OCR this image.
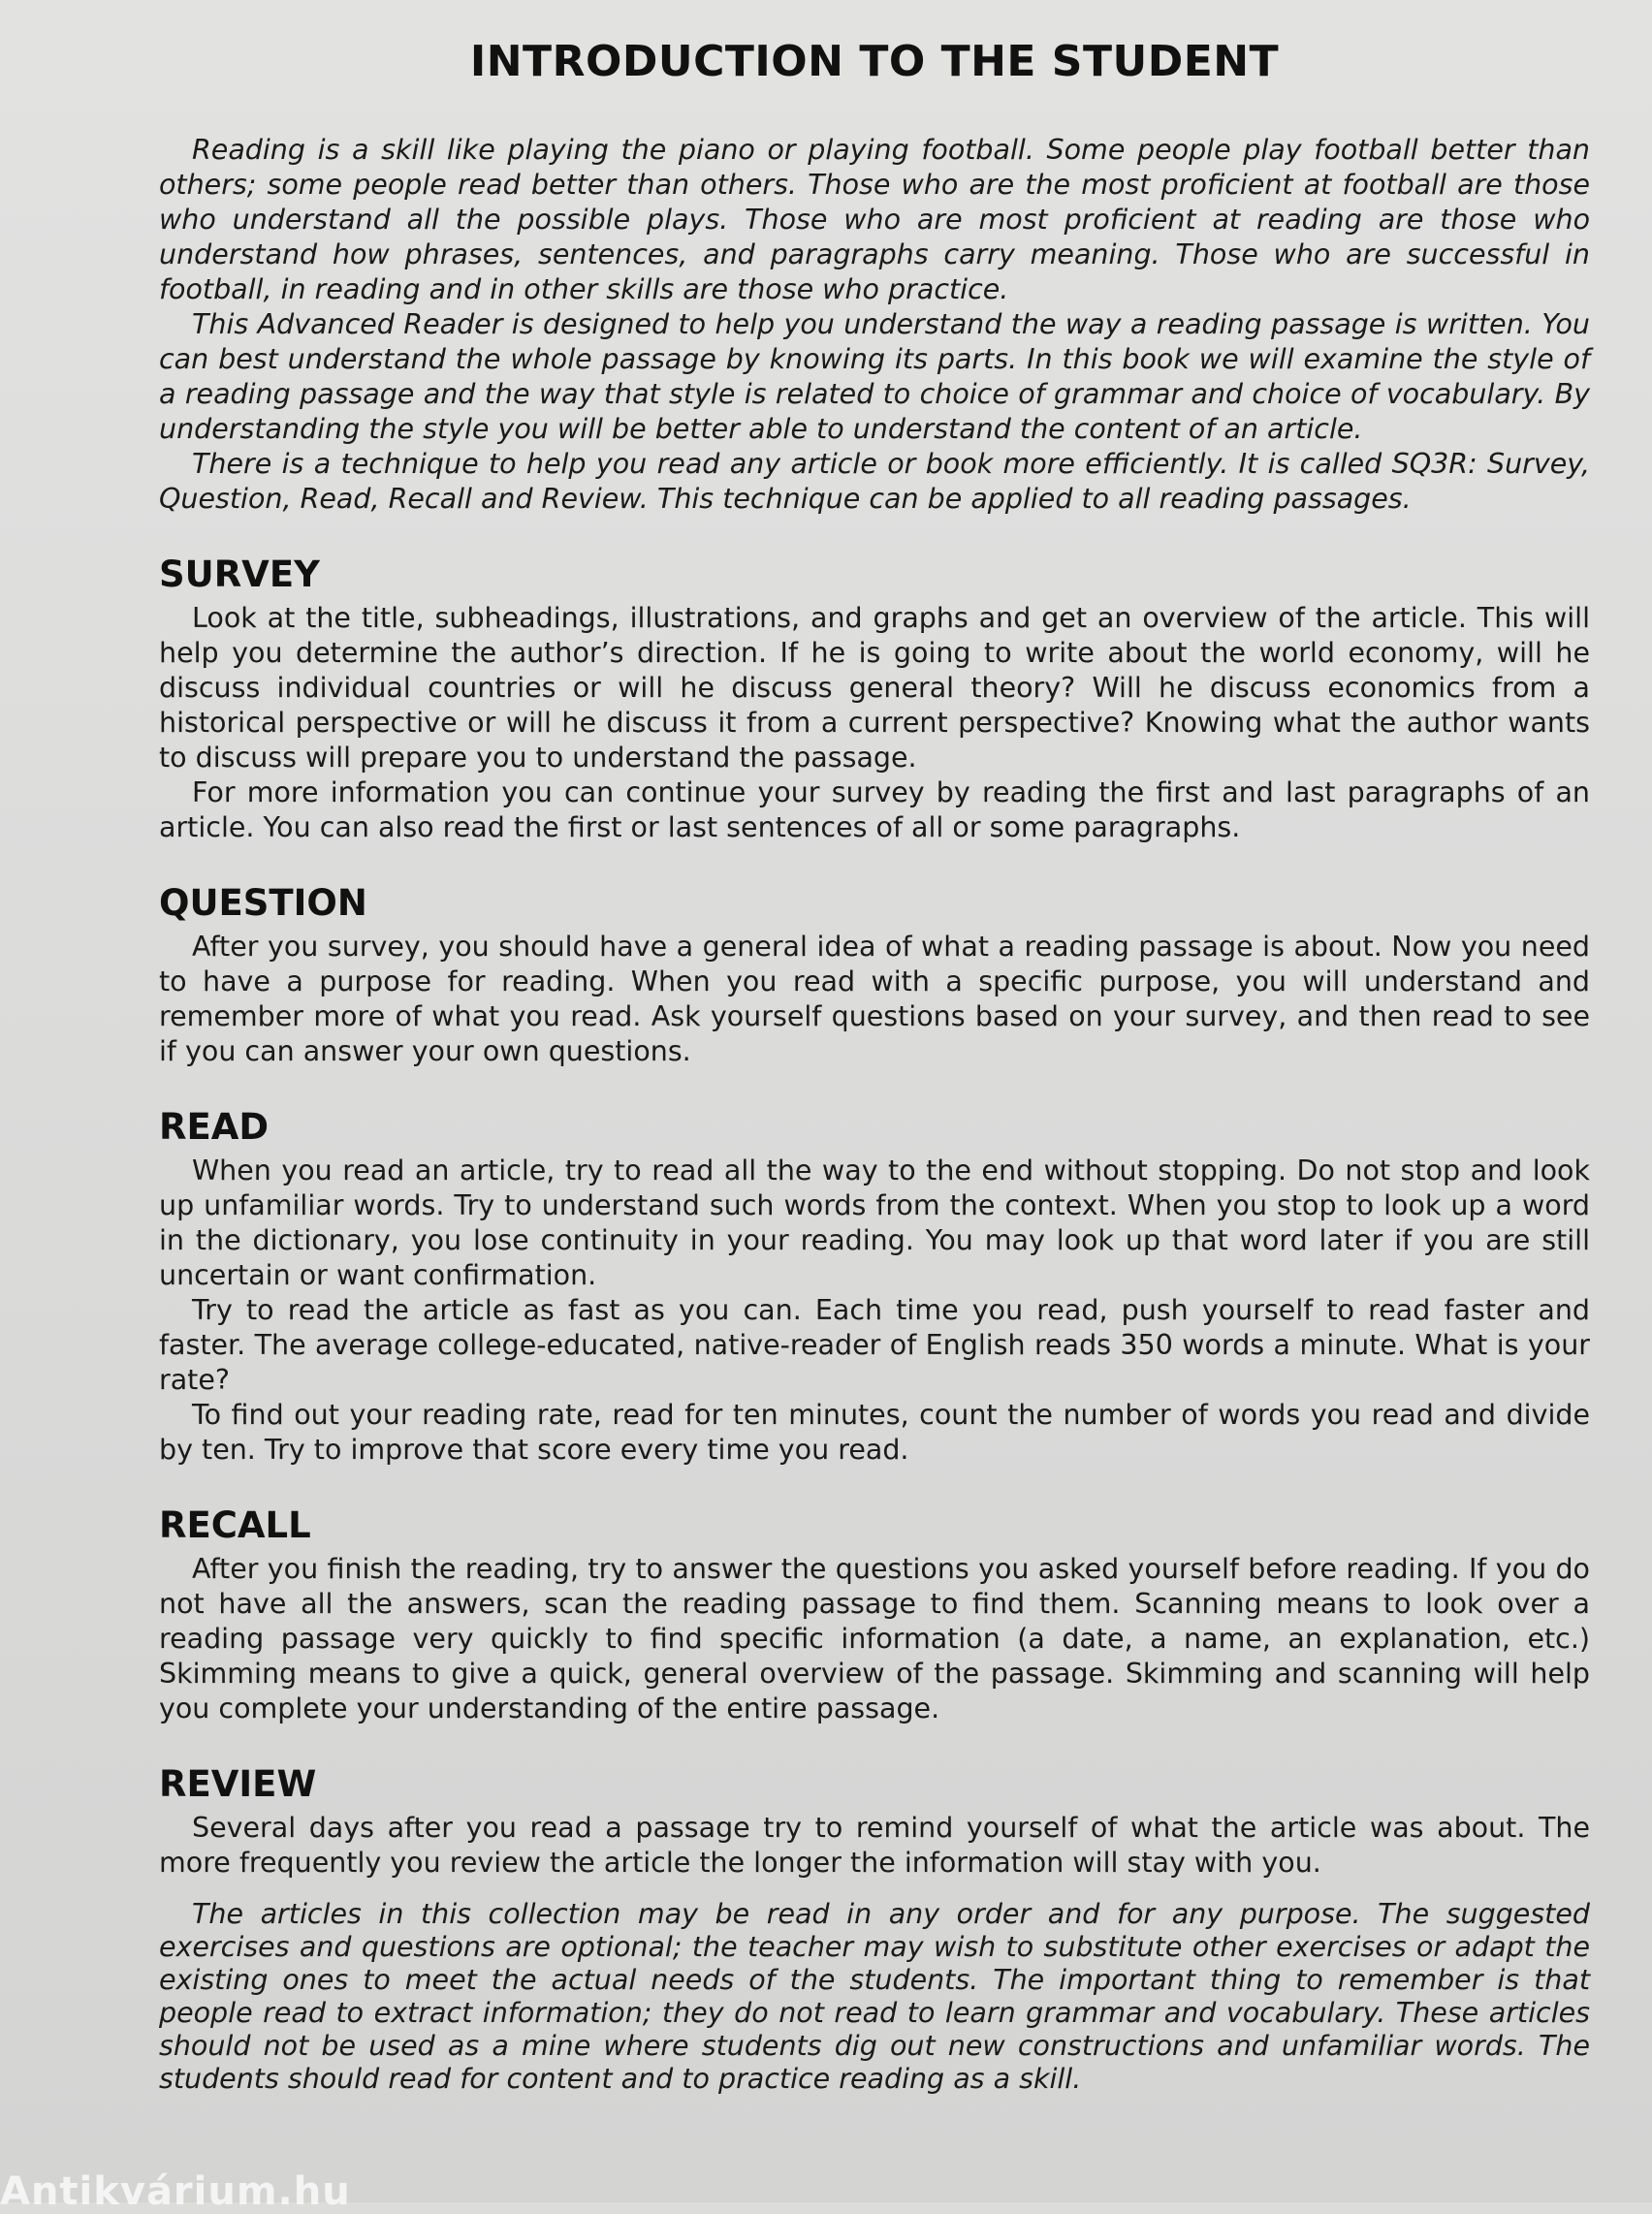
INTRODUCTION TO THE STUDENT

Reading is a skill like playing the piano or playing football. Some people play football better than others; some people read better than others. Those who are the most proficient at football are those who understand all the possible plays. Those who are most proficient at reading are those who understand how phrases, sentences, and paragraphs carry meaning. Those who are successful in football, in reading and in other skills are those who practice.

This Advanced Reader is designed to help you understand the way a reading passage is written. You can best understand the whole passage by knowing its parts. In this book we will examine the style of a reading passage and the way that style is related to choice of grammar and choice of vocabulary. By understanding the style you will be better able to understand the content of an article.

There is a technique to help you read any article or book more efficiently. It is called SQ3R: Survey, Question, Read, Recall and Review. This technique can be applied to all reading passages.

SURVEY

Look at the title, subheadings, illustrations, and graphs and get an overview of the article. This will help you determine the author’s direction. If he is going to write about the world economy, will he discuss individual countries or will he discuss general theory? Will he discuss economics from a historical perspective or will he discuss it from a current perspective? Knowing what the author wants to discuss will prepare you to understand the passage.

For more information you can continue your survey by reading the first and last paragraphs of an article. You can also read the first or last sentences of all or some paragraphs.

QUESTION

After you survey, you should have a general idea of what a reading passage is about. Now you need to have a purpose for reading. When you read with a specific purpose, you will understand and remember more of what you read. Ask yourself questions based on your survey, and then read to see if you can answer your own questions.

READ

When you read an article, try to read all the way to the end without stopping. Do not stop and look up unfamiliar words. Try to understand such words from the context. When you stop to look up a word in the dictionary, you lose continuity in your reading. You may look up that word later if you are still uncertain or want confirmation.

Try to read the article as fast as you can. Each time you read, push yourself to read faster and faster. The average college-educated, native-reader of English reads 350 words a minute. What is your rate?

To find out your reading rate, read for ten minutes, count the number of words you read and divide by ten. Try to improve that score every time you read.

RECALL

After you finish the reading, try to answer the questions you asked yourself before reading. If you do not have all the answers, scan the reading passage to find them. Scanning means to look over a reading passage very quickly to find specific information (a date, a name, an explanation, etc.) Skimming means to give a quick, general overview of the passage. Skimming and scanning will help you complete your understanding of the entire passage.

REVIEW

Several days after you read a passage try to remind yourself of what the article was about. The more frequently you review the article the longer the information will stay with you.

The articles in this collection may be read in any order and for any purpose. The suggested exercises and questions are optional; the teacher may wish to substitute other exercises or adapt the existing ones to meet the actual needs of the students. The important thing to remember is that people read to extract information; they do not read to learn grammar and vocabulary. These articles should not be used as a mine where students dig out new constructions and unfamiliar words. The students should read for content and to practice reading as a skill.

Antikvárium.hu
